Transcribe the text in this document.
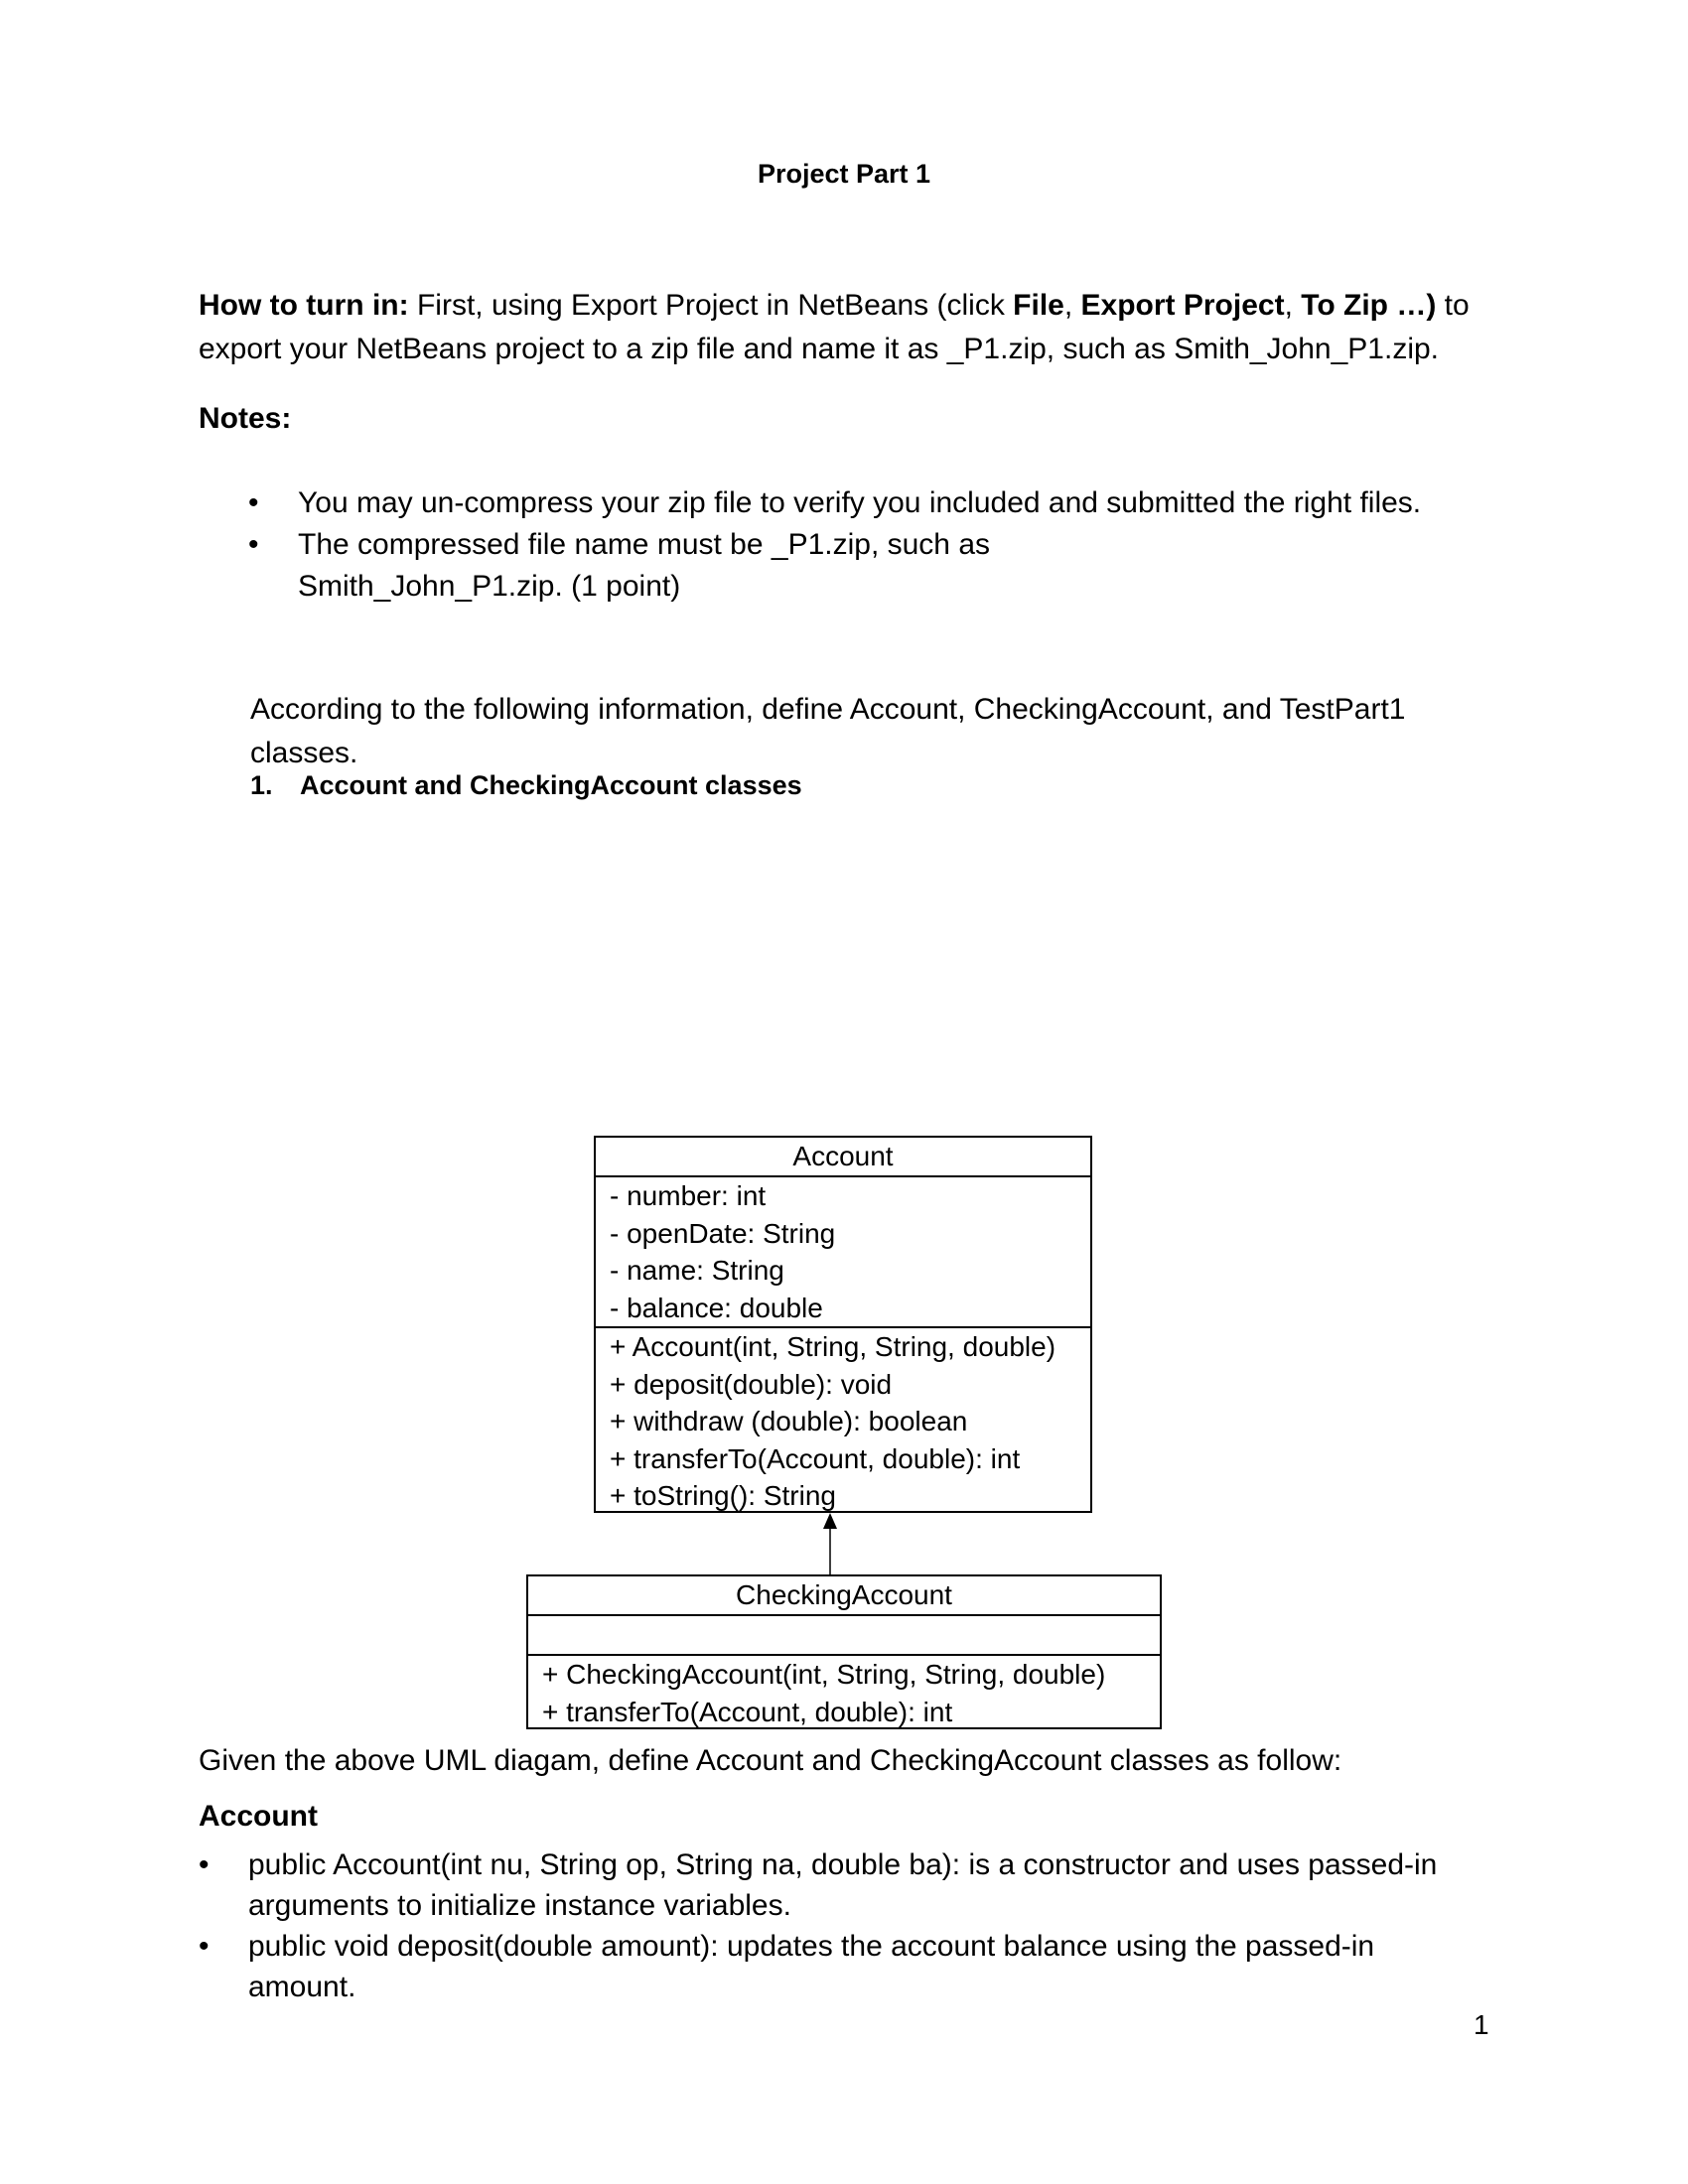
Project Part 1
How to turn in: First, using Export Project in NetBeans (click File, Export Project, To Zip …) to export your NetBeans project to a zip file and name it as _P1.zip, such as Smith_John_P1.zip.
Notes:
• You may un-compress your zip file to verify you included and submitted the right files.
• The compressed file name must be _P1.zip, such as Smith_John_P1.zip. (1 point)
According to the following information, define Account, CheckingAccount, and TestPart1 classes.
1. Account and CheckingAccount classes
Account
- number: int
- openDate: String
- name: String
- balance: double
+ Account(int, String, String, double)
+ deposit(double): void
+ withdraw (double): boolean
+ transferTo(Account, double): int
+ toString(): String
CheckingAccount
+ CheckingAccount(int, String, String, double)
+ transferTo(Account, double): int
Given the above UML diagam, define Account and CheckingAccount classes as follow:
Account
• public Account(int nu, String op, String na, double ba): is a constructor and uses passed-in arguments to initialize instance variables.
• public void deposit(double amount): updates the account balance using the passed-in amount.
1
